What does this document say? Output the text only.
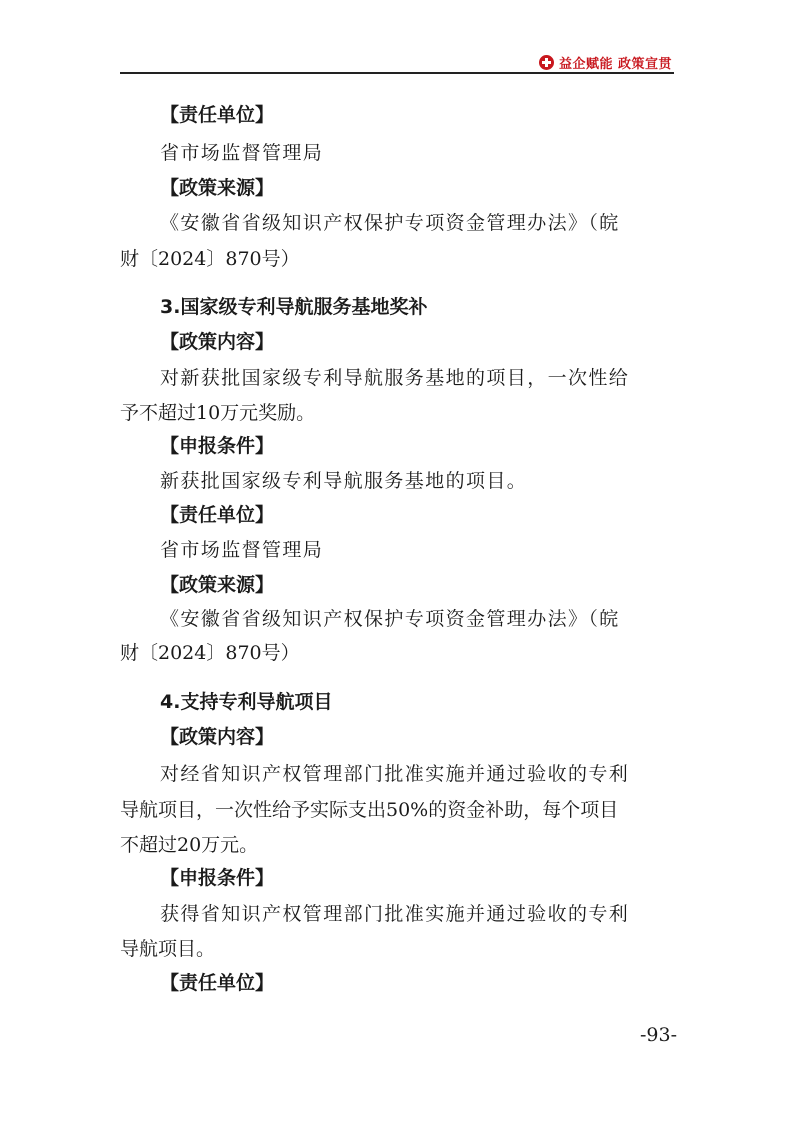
益企赋能 政策宣贯
【责任单位】
省市场监督管理局
【政策来源】
《安徽省省级知识产权保护专项资金管理办法》（皖
财〔2024〕870号）
3.国家级专利导航服务基地奖补
【政策内容】
对新获批国家级专利导航服务基地的项目，一次性给
予不超过10万元奖励。
【申报条件】
新获批国家级专利导航服务基地的项目。
【责任单位】
省市场监督管理局
【政策来源】
《安徽省省级知识产权保护专项资金管理办法》（皖
财〔2024〕870号）
4.支持专利导航项目
【政策内容】
对经省知识产权管理部门批准实施并通过验收的专利
导航项目，一次性给予实际支出50%的资金补助，每个项目
不超过20万元。
【申报条件】
获得省知识产权管理部门批准实施并通过验收的专利
导航项目。
【责任单位】
-93-
